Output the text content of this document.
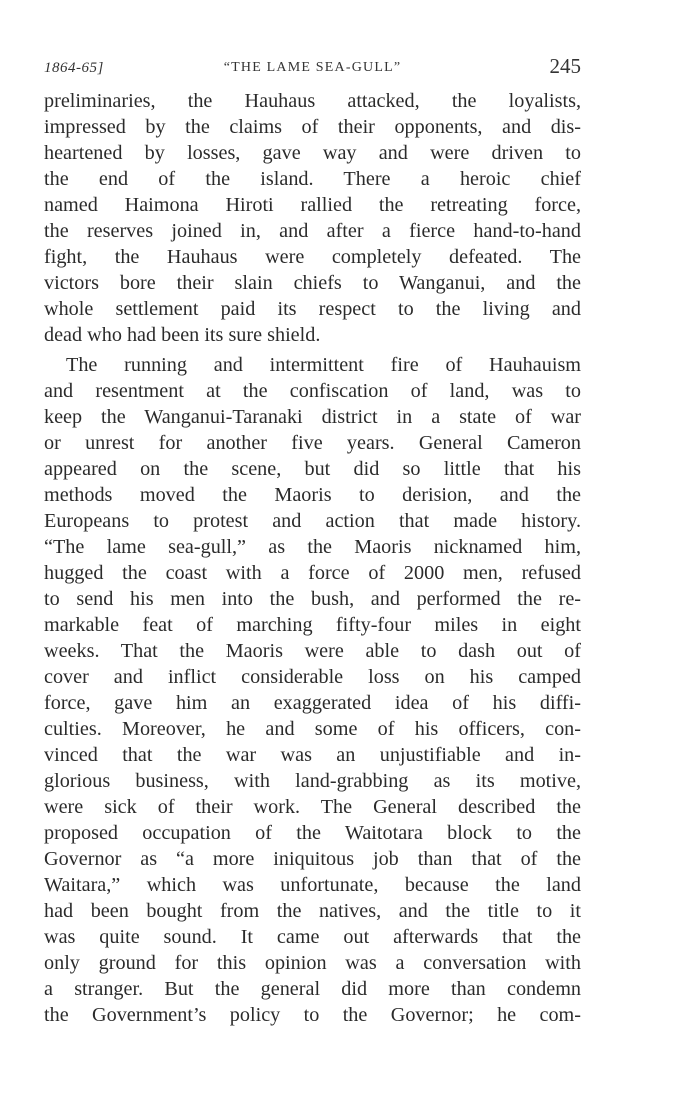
1864-65]	“THE LAME SEA-GULL”	245
preliminaries, the Hauhaus attacked, the loyalists,
impressed by the claims of their opponents, and dis-
heartened by losses, gave way and were driven to
the end of the island. There a heroic chief
named Haimona Hiroti rallied the retreating force,
the reserves joined in, and after a fierce hand-to-hand
fight, the Hauhaus were completely defeated. The
victors bore their slain chiefs to Wanganui, and the
whole settlement paid its respect to the living and
dead who had been its sure shield.
The running and intermittent fire of Hauhauism
and resentment at the confiscation of land, was to
keep the Wanganui-Taranaki district in a state of war
or unrest for another five years. General Cameron
appeared on the scene, but did so little that his
methods moved the Maoris to derision, and the
Europeans to protest and action that made history.
“The lame sea-gull,” as the Maoris nicknamed him,
hugged the coast with a force of 2000 men, refused
to send his men into the bush, and performed the re-
markable feat of marching fifty-four miles in eight
weeks. That the Maoris were able to dash out of
cover and inflict considerable loss on his camped
force, gave him an exaggerated idea of his diffi-
culties. Moreover, he and some of his officers, con-
vinced that the war was an unjustifiable and in-
glorious business, with land-grabbing as its motive,
were sick of their work. The General described the
proposed occupation of the Waitotara block to the
Governor as “a more iniquitous job than that of the
Waitara,” which was unfortunate, because the land
had been bought from the natives, and the title to it
was quite sound. It came out afterwards that the
only ground for this opinion was a conversation with
a stranger. But the general did more than condemn
the Government’s policy to the Governor; he com-
